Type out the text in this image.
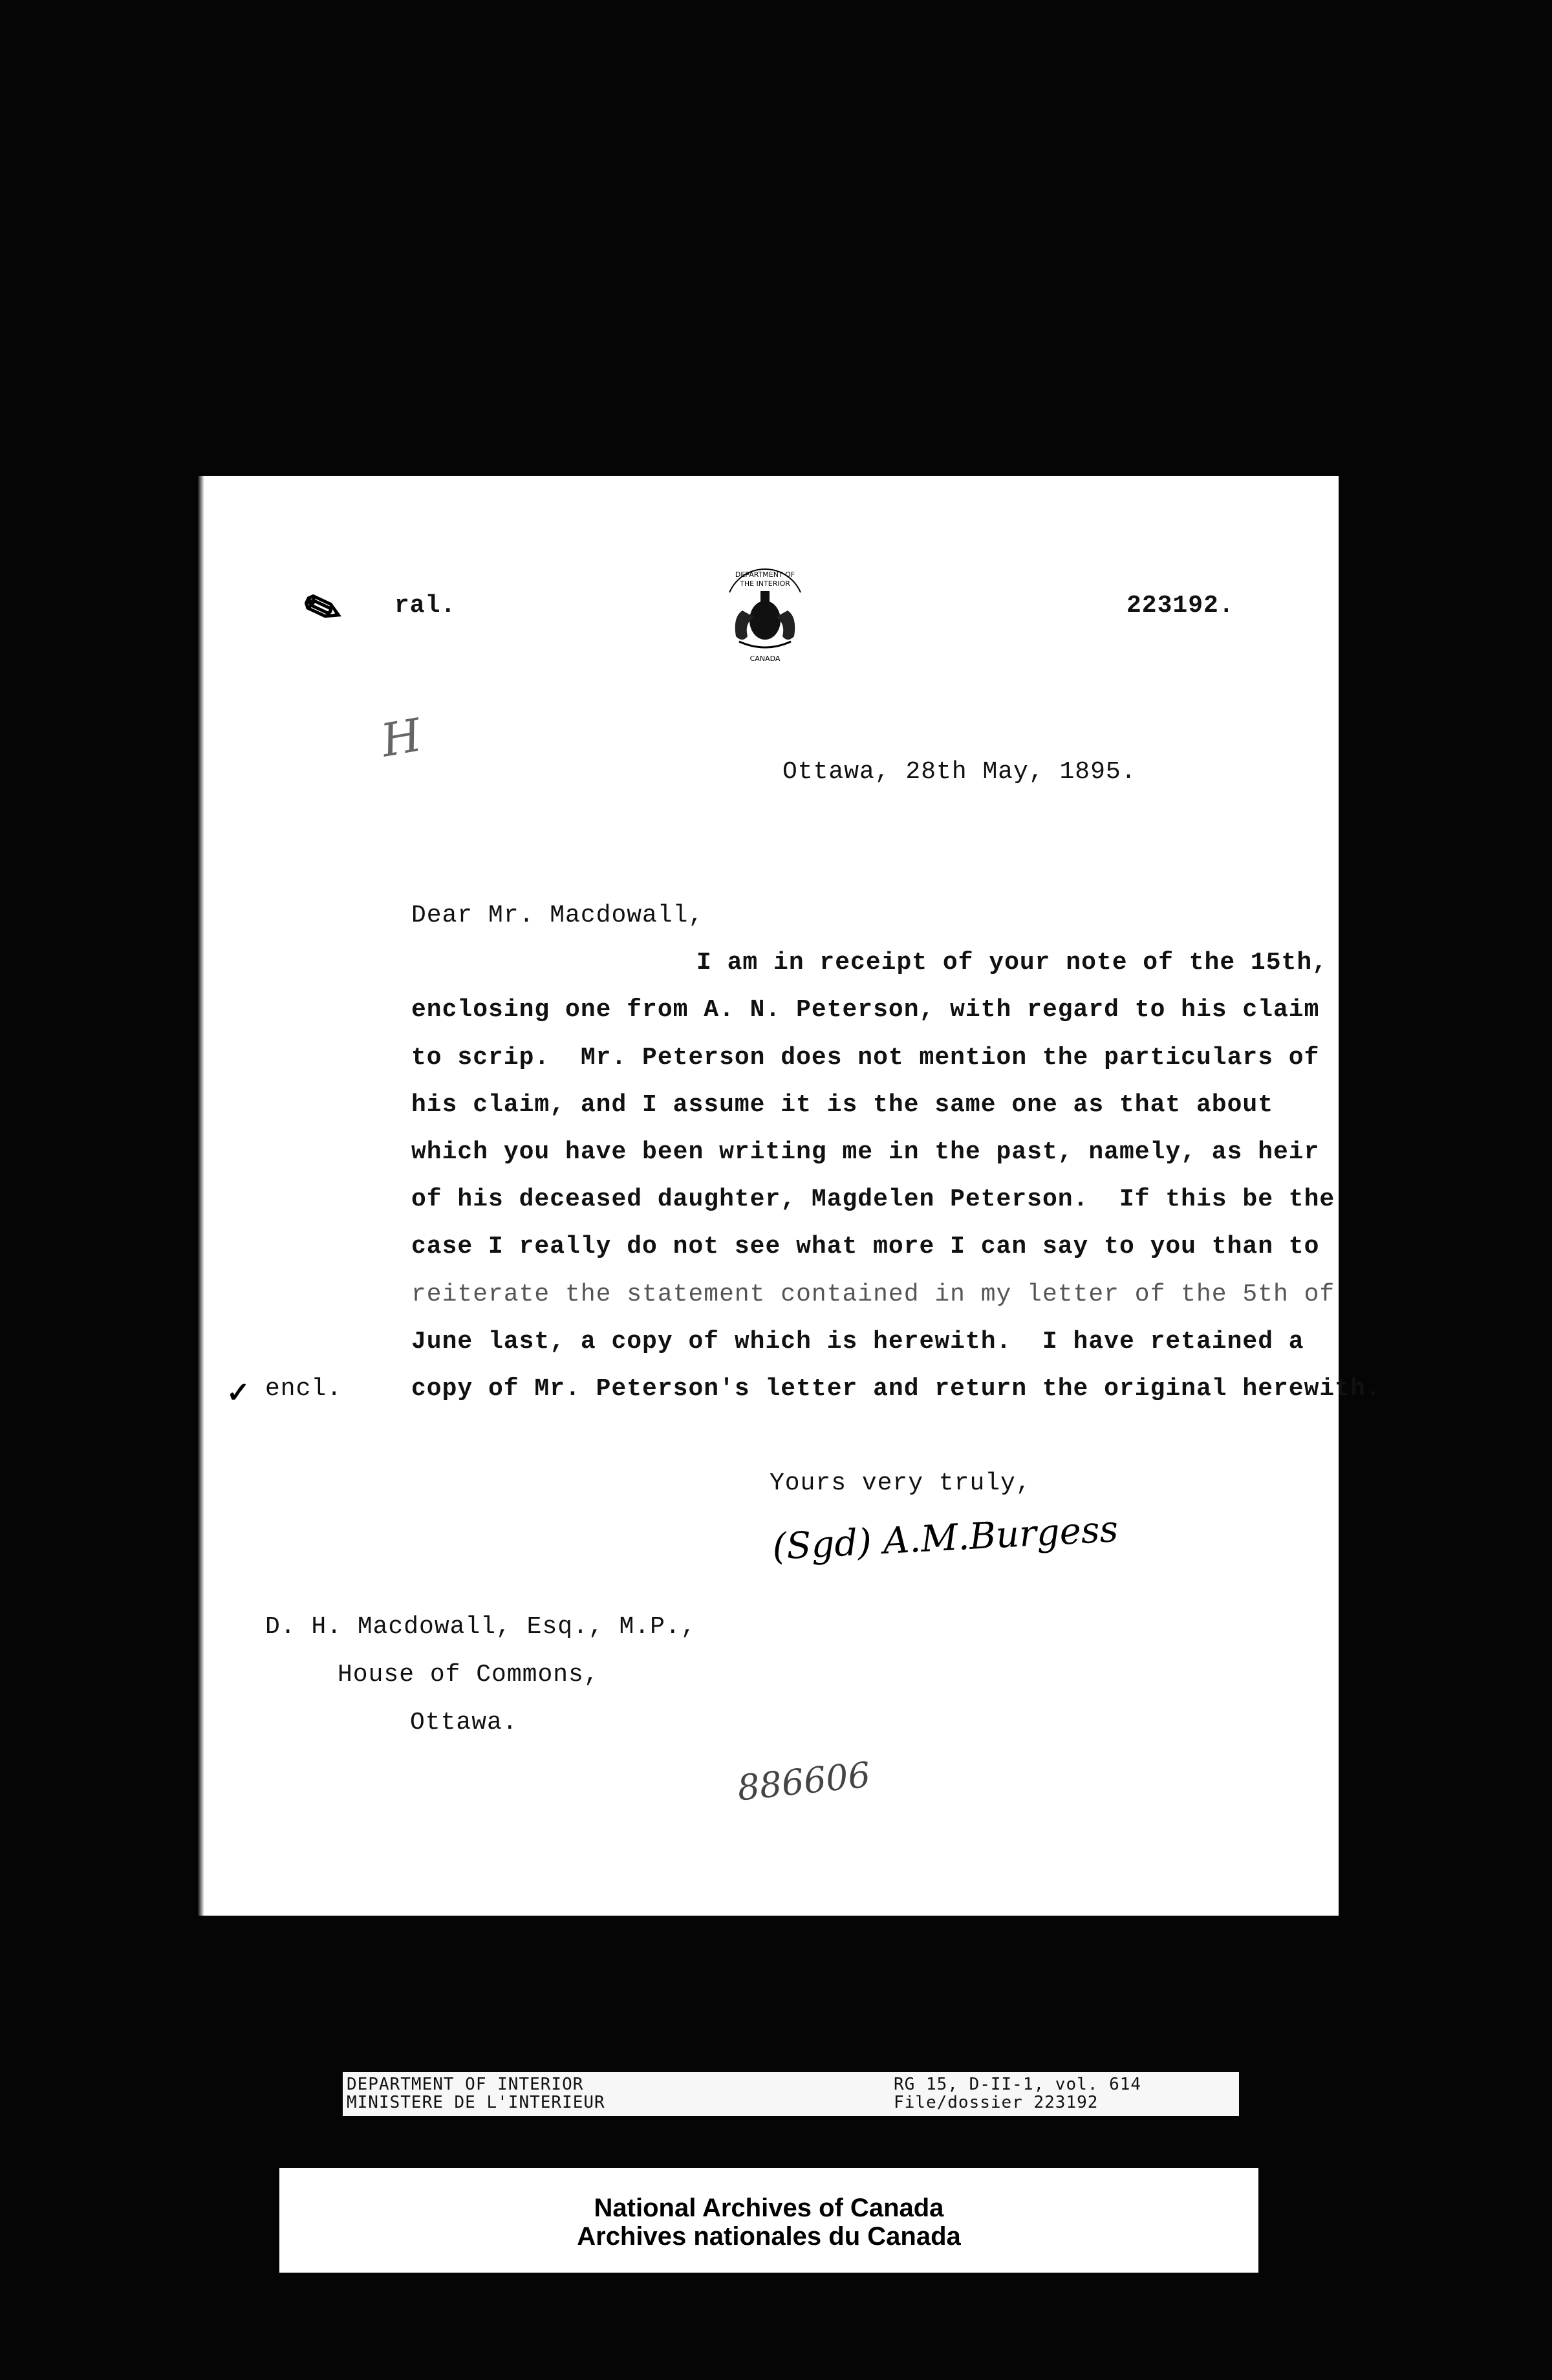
✎ ral.
DEPARTMENT OF
THE INTERIOR
CANADA
223192.
H
Ottawa, 28th May, 1895.
Dear Mr. Macdowall,
I am in receipt of your note of the 15th,
enclosing one from A. N. Peterson, with regard to his claim
to scrip.  Mr. Peterson does not mention the particulars of
his claim, and I assume it is the same one as that about
which you have been writing me in the past, namely, as heir
of his deceased daughter, Magdelen Peterson.  If this be the
case I really do not see what more I can say to you than to
reiterate the statement contained in my letter of the 5th of
June last, a copy of which is herewith.  I have retained a
copy of Mr. Peterson's letter and return the original herewith.
✓ encl.
Yours very truly,
(Sgd) A.M.Burgess
D. H. Macdowall, Esq., M.P.,
House of Commons,
Ottawa.
886606
DEPARTMENT OF INTERIOR
MINISTERE DE L'INTERIEUR
RG 15, D-II-1, vol. 614
File/dossier 223192
National Archives of Canada
Archives nationales du Canada
